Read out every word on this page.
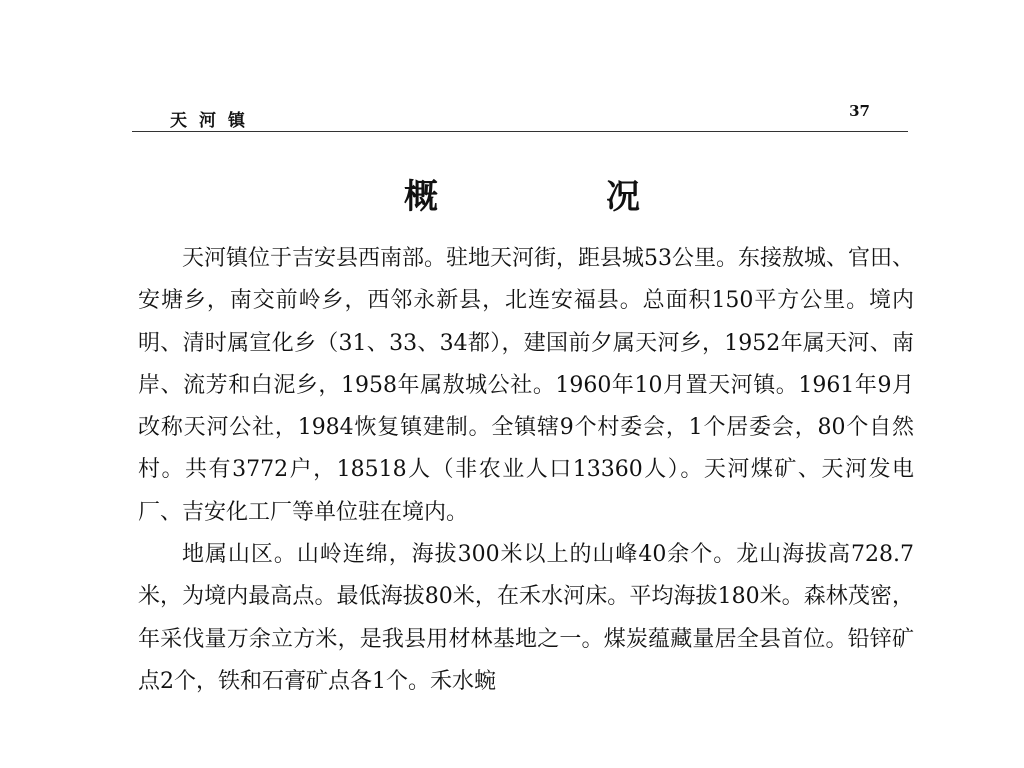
天河镇	37
概	况

天河镇位于吉安县西南部。驻地天河街，距县城53公里。东接敖城、官田、安塘乡，南交前岭乡，西邻永新县，北连安福县。总面积150平方公里。境内明、清时属宣化乡（31、33、34都），建国前夕属天河乡，1952年属天河、南岸、流芳和白泥乡，1958年属敖城公社。1960年10月置天河镇。1961年9月改称天河公社，1984恢复镇建制。全镇辖9个村委会，1个居委会，80个自然村。共有3772户，18518人（非农业人口13360人）。天河煤矿、天河发电厂、吉安化工厂等单位驻在境内。

地属山区。山岭连绵，海拔300米以上的山峰40余个。龙山海拔高728.7米，为境内最高点。最低海拔80米，在禾水河床。平均海拔180米。森林茂密，年采伐量万余立方米，是我县用材林基地之一。煤炭蕴藏量居全县首位。铅锌矿点2个，铁和石膏矿点各1个。禾水蜿
